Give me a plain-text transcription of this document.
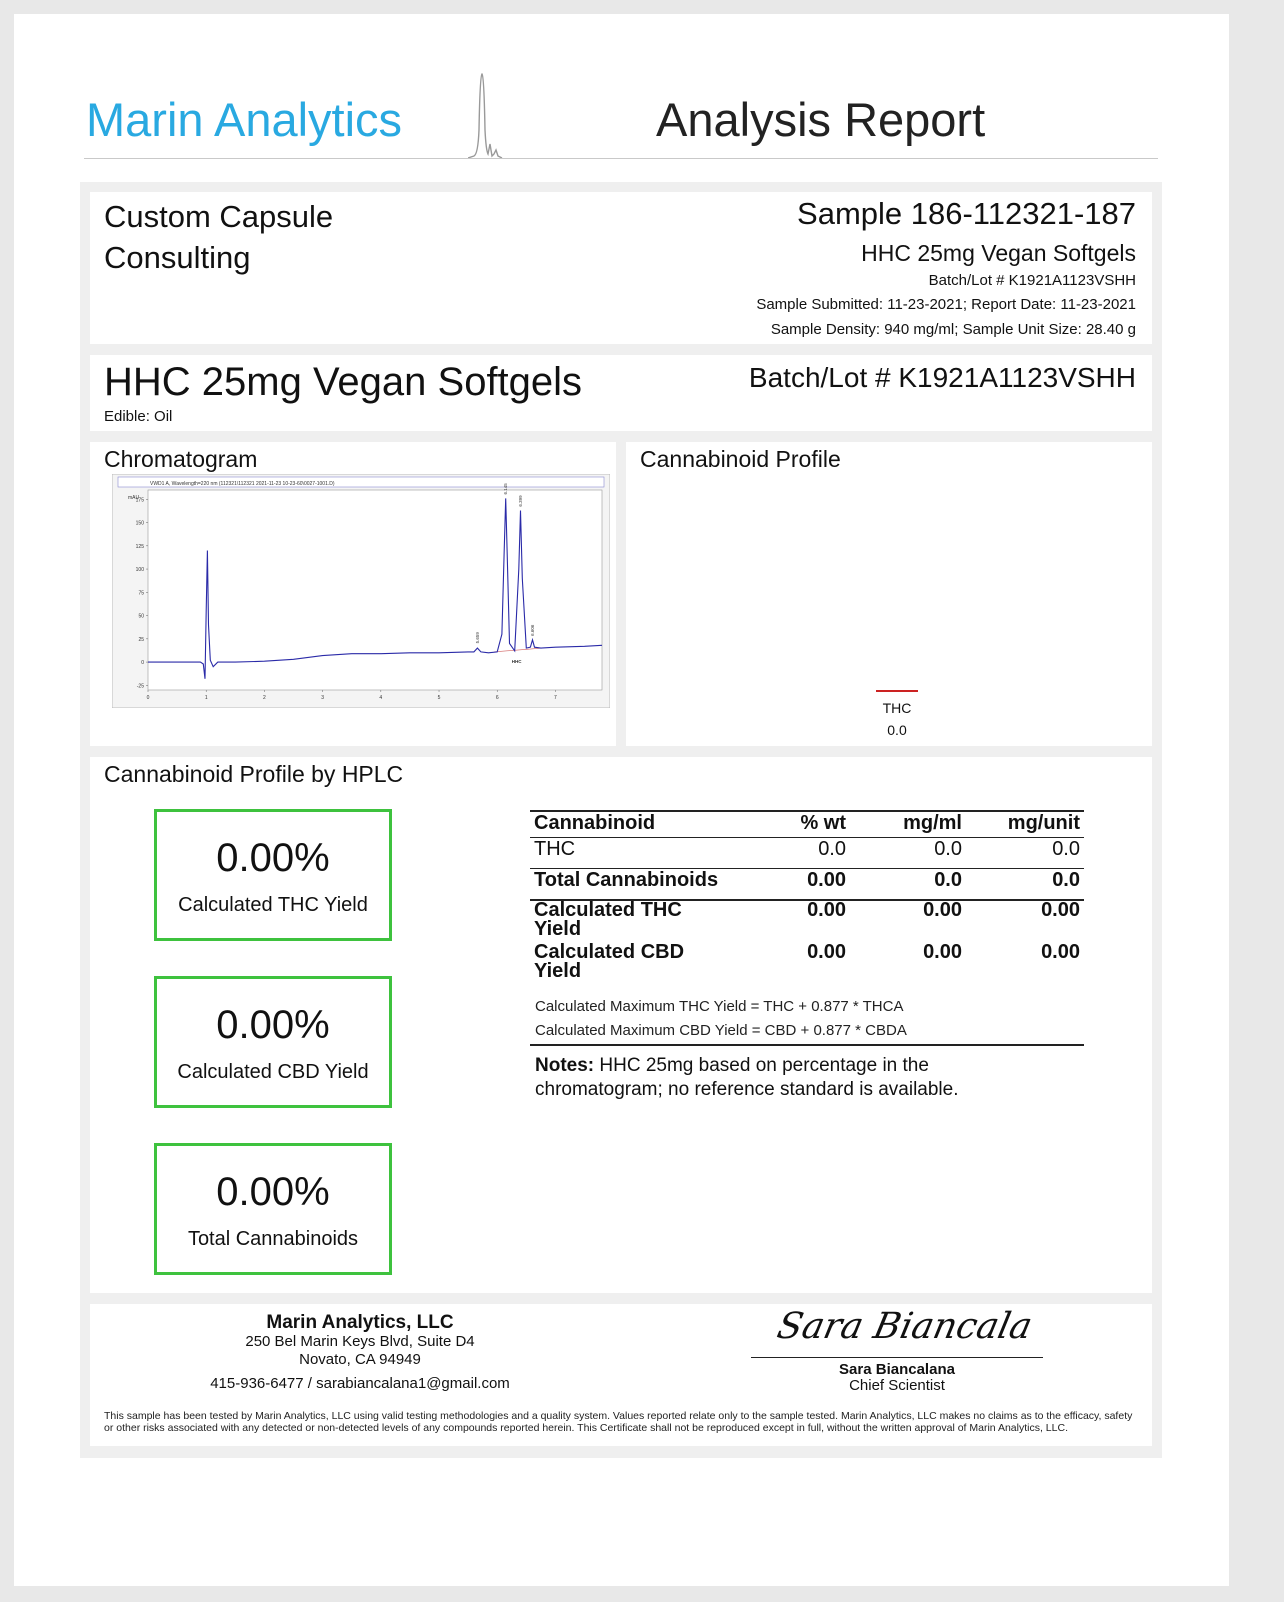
Marin Analytics	Analysis Report
Custom Capsule
Consulting
Sample 186-112321-187
HHC 25mg Vegan Softgels
Batch/Lot # K1921A1123VSHH
Sample Submitted: 11-23-2021; Report Date: 11-23-2021
Sample Density: 940 mg/ml; Sample Unit Size: 28.40 g
HHC 25mg Vegan Softgels
Edible: Oil
Batch/Lot # K1921A1123VSHH
Chromatogram
VWD1 A, Wavelength=220 nm (112321\112321 2021-11-23 10-23-60\0027-1001.D)
mAU
-25
0
25
50
75
100
125
150
175
0	1	2	3	4	5	6	7
5.659
6.145
6.399
6.606
HHC
Cannabinoid Profile
THC
0.0
Cannabinoid Profile by HPLC
0.00%
Calculated THC Yield
0.00%
Calculated CBD Yield
0.00%
Total Cannabinoids
Cannabinoid	% wt	mg/ml	mg/unit
THC	0.0	0.0	0.0
Total Cannabinoids	0.00	0.0	0.0
Calculated THC
Yield	0.00	0.00	0.00
Calculated CBD
Yield	0.00	0.00	0.00
Calculated Maximum THC Yield = THC + 0.877 * THCA
Calculated Maximum CBD Yield = CBD + 0.877 * CBDA
Notes: HHC 25mg based on percentage in the chromatogram; no reference standard is available.
Marin Analytics, LLC
250 Bel Marin Keys Blvd, Suite D4
Novato, CA 94949
415-936-6477 / sarabiancalana1@gmail.com
Sara Biancala
Sara Biancalana
Chief Scientist
This sample has been tested by Marin Analytics, LLC using valid testing methodologies and a quality system. Values reported relate only to the sample tested. Marin Analytics, LLC makes no claims as to the efficacy, safety or other risks associated with any detected or non-detected levels of any compounds reported herein. This Certificate shall not be reproduced except in full, without the written approval of Marin Analytics, LLC.
